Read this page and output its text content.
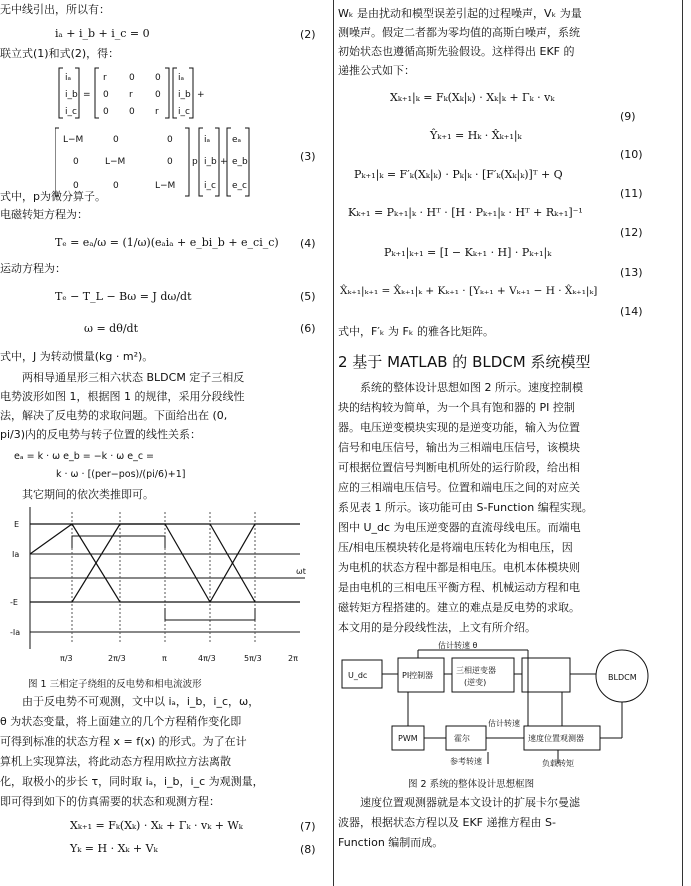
无中线引出，所以有：
iₐ + i_b + i_c = 0	(2)
联立式(1)和式(2)，得：
iₐ
i_b
i_c
=
r 0 0
0 r 0
0 0 r
iₐ
i_b
i_c
+
L−M	0	0
0	L−M	0
0	0	L−M
p
iₐ
i_b
i_c
+
eₐ
e_b
e_c
(3)
式中，p为微分算子。
电磁转矩方程为：
Tₑ = eₐ/ω = (1/ω)(eₐiₐ + e_bi_b + e_ci_c) (4)
运动方程为：
Tₑ − T_L − Bω = J dω/dt	(5)
ω = dθ/dt	(6)
式中，J 为转动惯量(kg · m²)。
两相导通星形三相六状态 BLDCM 定子三相反
电势波形如图 1，根据图 1 的规律，采用分段线性
法，解决了反电势的求取问题。下面给出在 (0,
pi/3)内的反电势与转子位置的线性关系：
eₐ = k · ω e_b = −k · ω e_c =
k · ω · [(per−pos)/(pi/6)+1]
其它期间的依次类推即可。
E
Ia
-E
-Ia
ωt
π/3	2π/3	π	4π/3	5π/3	2π
图 1 三相定子绕组的反电势和相电流波形
由于反电势不可观测，文中以 iₐ，i_b，i_c，ω，
θ 为状态变量，将上面建立的几个方程稍作变化即
可得到标准的状态方程 x = f(x) 的形式。为了在计
算机上实现算法，将此动态方程用欧拉方法离散
化，取极小的步长 τ，同时取 iₐ，i_b，i_c 为观测量，
即可得到如下的仿真需要的状态和观测方程：
Xₖ₊₁ = Fₖ(Xₖ) · Xₖ + Γₖ · vₖ + Wₖ	(7)
Yₖ = H · Xₖ + Vₖ	(8)
Wₖ 是由扰动和模型误差引起的过程噪声，Vₖ 为量
测噪声。假定二者都为零均值的高斯白噪声，系统
初始状态也遵循高斯先验假设。这样得出 EKF 的
递推公式如下：
Xₖ₊₁|ₖ = Fₖ(Xₖ|ₖ) · Xₖ|ₖ + Γₖ · vₖ
(9)
Ŷₖ₊₁ = Hₖ · X̂ₖ₊₁|ₖ
(10)
Pₖ₊₁|ₖ = F′ₖ(Xₖ|ₖ) · Pₖ|ₖ · [F′ₖ(Xₖ|ₖ)]ᵀ + Q
(11)
Kₖ₊₁ = Pₖ₊₁|ₖ · Hᵀ · [H · Pₖ₊₁|ₖ · Hᵀ + Rₖ₊₁]⁻¹
(12)
Pₖ₊₁|ₖ₊₁ = [I − Kₖ₊₁ · H] · Pₖ₊₁|ₖ
(13)
X̂ₖ₊₁|ₖ₊₁ = X̂ₖ₊₁|ₖ + Kₖ₊₁ · [Yₖ₊₁ + Vₖ₊₁ − H · X̂ₖ₊₁|ₖ]
(14)
式中，F′ₖ 为 Fₖ 的雅各比矩阵。
2 基于 MATLAB 的 BLDCM 系统模型
系统的整体设计思想如图 2 所示。速度控制模
块的结构较为简单，为一个具有饱和器的 PI 控制
器。电压逆变模块实现的是逆变功能，输入为位置
信号和电压信号，输出为三相端电压信号，该模块
可根据位置信号判断电机所处的运行阶段，给出相
应的三相端电压信号。位置和端电压之间的对应关
系见表 1 所示。该功能可由 S-Function 编程实现。
图中 U_dc 为电压逆变器的直流母线电压。而端电
压/相电压模块转化是将端电压转化为相电压，因
为电机的状态方程中都是相电压。电机本体模块则
是由电机的三相电压平衡方程、机械运动方程和电
磁转矩方程搭建的。建立的难点是反电势的求取。
本文用的是分段线性法，上文有所介绍。
U_dc	PI控制器
三相逆变器
(逆变)
BLDCM
PWM	霍尔	速度位置观测器
估计转速
参考转速	负载转矩
估计转速 θ
图 2 系统的整体设计思想框图
速度位置观测器就是本文设计的扩展卡尔曼滤
波器，根据状态方程以及 EKF 递推方程由 S-
Function 编制而成。
